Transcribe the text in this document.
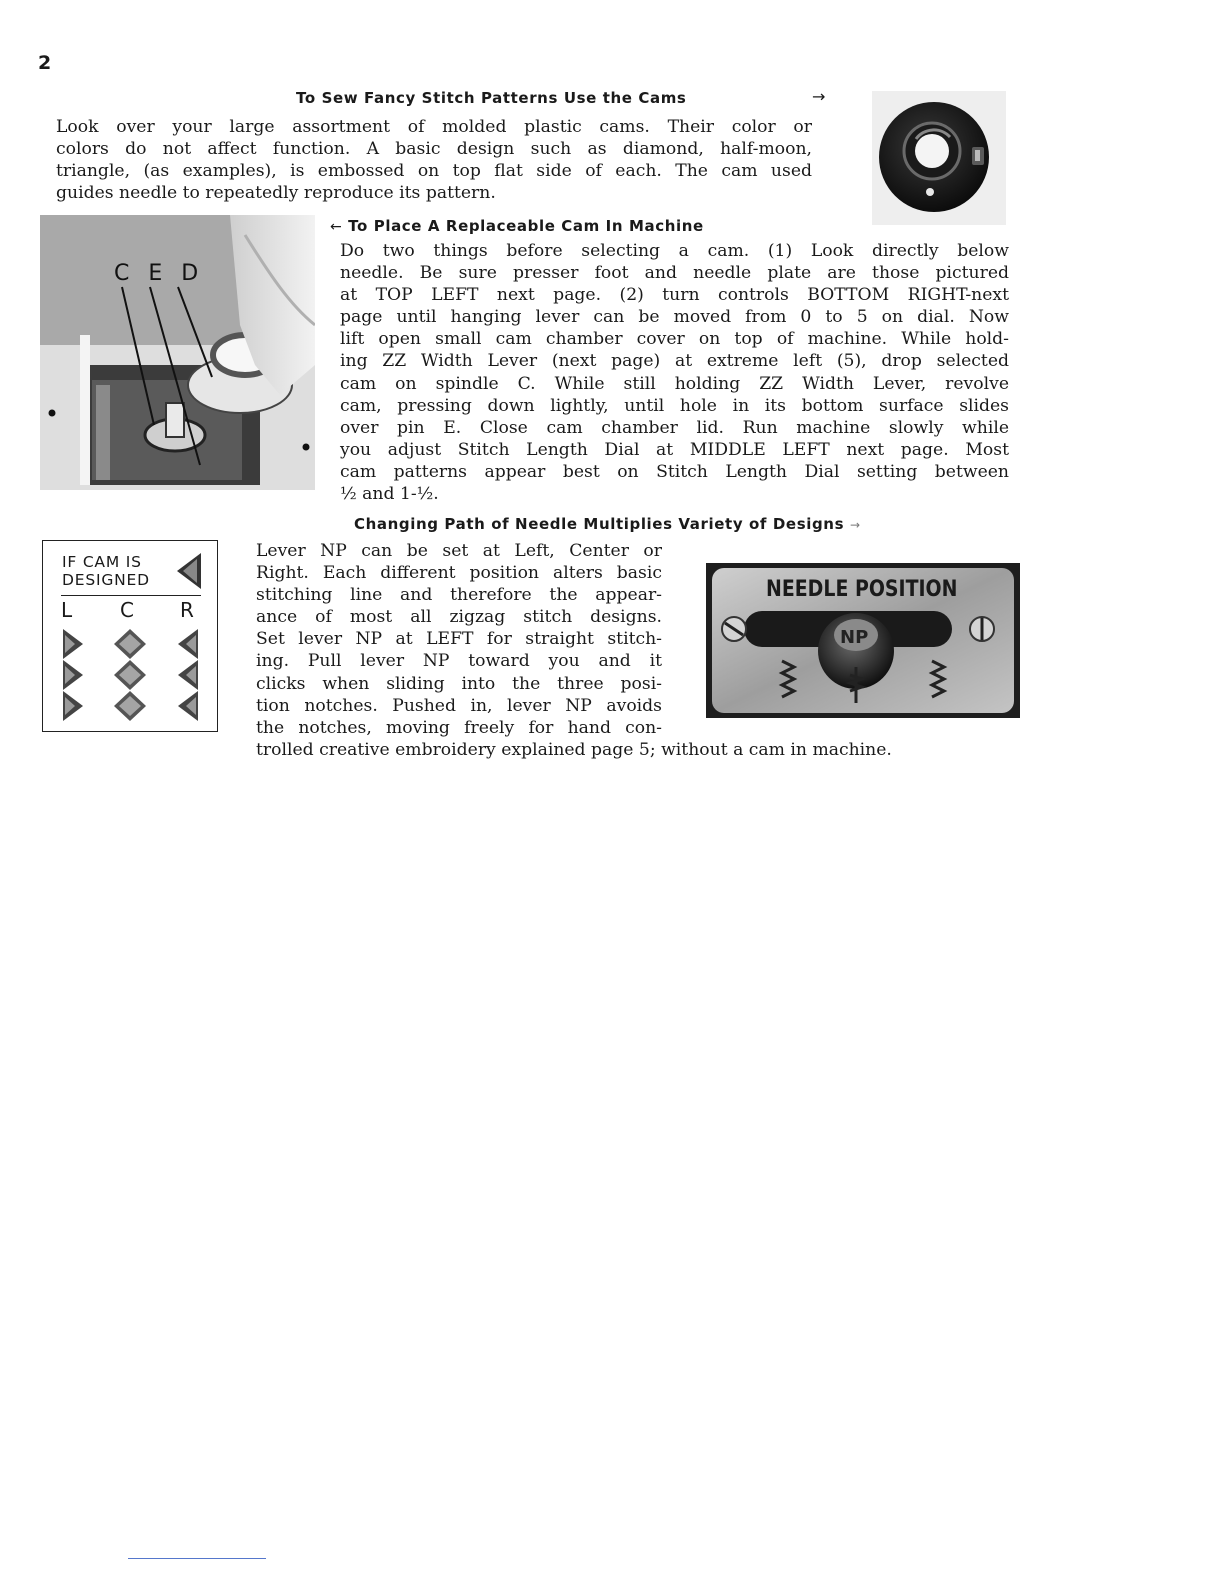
2
To Sew Fancy Stitch Patterns Use the Cams	→

Look over your large assortment of molded plastic cams. Their color or

colors do not affect function. A basic design such as diamond, half-moon,

triangle, (as examples), is embossed on top flat side of each. The cam used

guides needle to repeatedly reproduce its pattern.

C E D
← To Place A Replaceable Cam In Machine

Do two things before selecting a cam. (1) Look directly below

needle. Be sure presser foot and needle plate are those pictured

at TOP LEFT next page. (2) turn controls BOTTOM RIGHT-next

page until hanging lever can be moved from 0 to 5 on dial. Now

lift open small cam chamber cover on top of machine. While hold-

ing ZZ Width Lever (next page) at extreme left (5), drop selected

cam on spindle C. While still holding ZZ Width Lever, revolve

cam, pressing down lightly, until hole in its bottom surface slides

over pin E. Close cam chamber lid. Run machine slowly while

you adjust Stitch Length Dial at MIDDLE LEFT next page. Most

cam patterns appear best on Stitch Length Dial setting between

½ and 1-½.

Changing Path of Needle Multiplies Variety of Designs →
IF CAM IS
DESIGNED
L C R

Lever NP can be set at Left, Center or

Right. Each different position alters basic

stitching line and therefore the appear-

ance of most all zigzag stitch designs.

Set lever NP at LEFT for straight stitch-

ing. Pull lever NP toward you and it

clicks when sliding into the three posi-

tion notches. Pushed in, lever NP avoids

the notches, moving freely for hand con-

trolled creative embroidery explained page 5; without a cam in machine.
NEEDLE POSITION
NP
